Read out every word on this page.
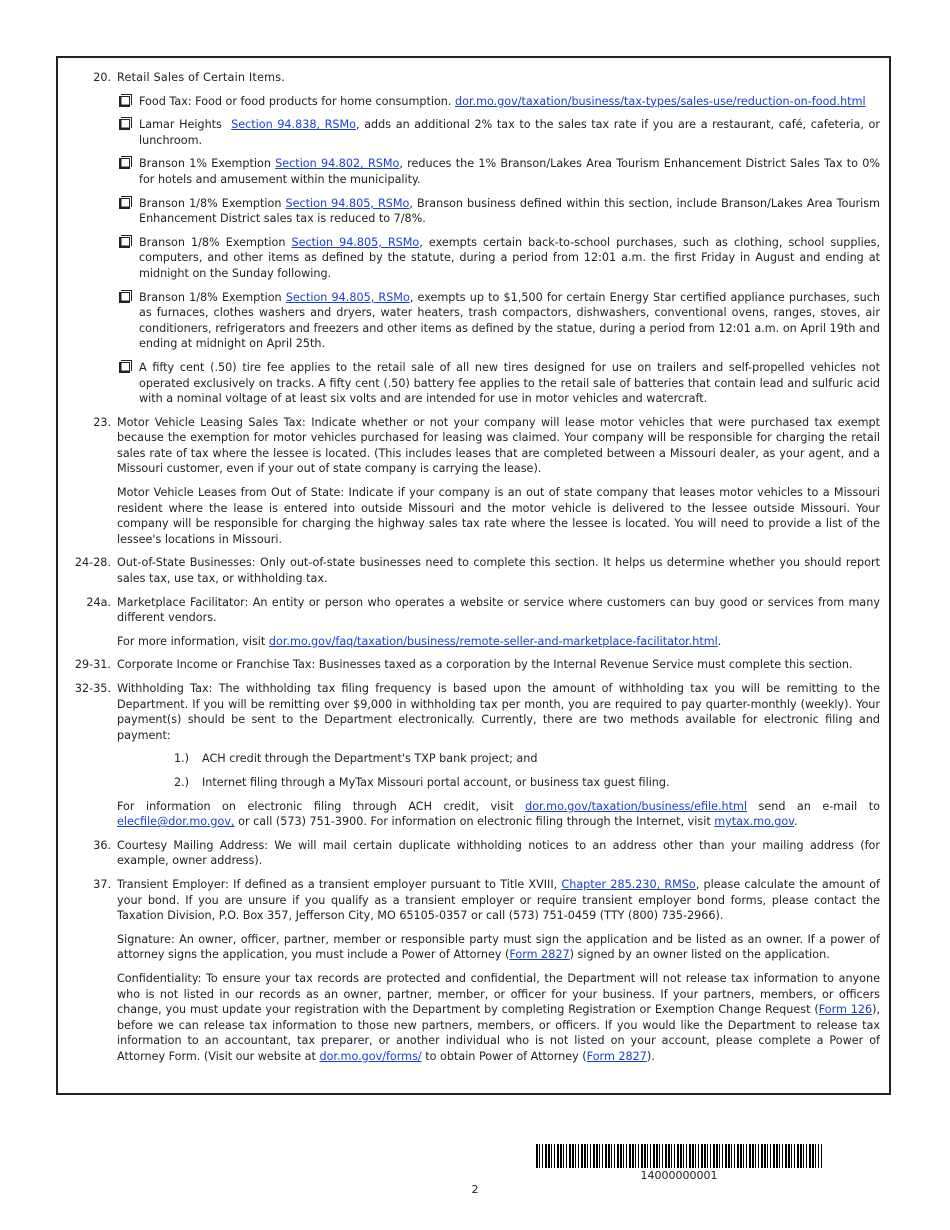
20. Retail Sales of Certain Items.
Food Tax: Food or food products for home consumption. dor.mo.gov/taxation/business/tax-types/sales-use/reduction-on-food.html
Lamar Heights  Section 94.838, RSMo, adds an additional 2% tax to the sales tax rate if you are a restaurant, café, cafeteria, or lunchroom.
Branson 1% Exemption Section 94.802, RSMo, reduces the 1% Branson/Lakes Area Tourism Enhancement District Sales Tax to 0% for hotels and amusement within the municipality.
Branson 1/8% Exemption Section 94.805, RSMo, Branson business defined within this section, include Branson/Lakes Area Tourism Enhancement District sales tax is reduced to 7/8%.
Branson 1/8% Exemption Section 94.805, RSMo, exempts certain back-to-school purchases, such as clothing, school supplies, computers, and other items as defined by the statute, during a period from 12:01 a.m. the first Friday in August and ending at midnight on the Sunday following.
Branson 1/8% Exemption Section 94.805, RSMo, exempts up to $1,500 for certain Energy Star certified appliance purchases, such as furnaces, clothes washers and dryers, water heaters, trash compactors, dishwashers, conventional ovens, ranges, stoves, air conditioners, refrigerators and freezers and other items as defined by the statue, during a period from 12:01 a.m. on April 19th and ending at midnight on April 25th.
A fifty cent (.50) tire fee applies to the retail sale of all new tires designed for use on trailers and self-propelled vehicles not operated exclusively on tracks. A fifty cent (.50) battery fee applies to the retail sale of batteries that contain lead and sulfuric acid with a nominal voltage of at least six volts and are intended for use in motor vehicles and watercraft.
23. Motor Vehicle Leasing Sales Tax: Indicate whether or not your company will lease motor vehicles that were purchased tax exempt because the exemption for motor vehicles purchased for leasing was claimed. Your company will be responsible for charging the retail sales rate of tax where the lessee is located. (This includes leases that are completed between a Missouri dealer, as your agent, and a Missouri customer, even if your out of state company is carrying the lease).
Motor Vehicle Leases from Out of State: Indicate if your company is an out of state company that leases motor vehicles to a Missouri resident where the lease is entered into outside Missouri and the motor vehicle is delivered to the lessee outside Missouri. Your company will be responsible for charging the highway sales tax rate where the lessee is located. You will need to provide a list of the lessee's locations in Missouri.
24-28. Out-of-State Businesses: Only out-of-state businesses need to complete this section. It helps us determine whether you should report sales tax, use tax, or withholding tax.
24a. Marketplace Facilitator: An entity or person who operates a website or service where customers can buy good or services from many different vendors.
For more information, visit dor.mo.gov/faq/taxation/business/remote-seller-and-marketplace-facilitator.html.
29-31. Corporate Income or Franchise Tax: Businesses taxed as a corporation by the Internal Revenue Service must complete this section.
32-35. Withholding Tax: The withholding tax filing frequency is based upon the amount of withholding tax you will be remitting to the Department. If you will be remitting over $9,000 in withholding tax per month, you are required to pay quarter-monthly (weekly). Your payment(s) should be sent to the Department electronically. Currently, there are two methods available for electronic filing and payment:
1.)	ACH credit through the Department's TXP bank project; and
2.)	Internet filing through a MyTax Missouri portal account, or business tax guest filing.
For information on electronic filing through ACH credit, visit dor.mo.gov/taxation/business/efile.html send an e-mail to elecfile@dor.mo.gov, or call (573) 751-3900. For information on electronic filing through the Internet, visit mytax.mo.gov.
36. Courtesy Mailing Address: We will mail certain duplicate withholding notices to an address other than your mailing address (for example, owner address).
37. Transient Employer: If defined as a transient employer pursuant to Title XVIII, Chapter 285.230, RMSo, please calculate the amount of your bond. If you are unsure if you qualify as a transient employer or require transient employer bond forms, please contact the Taxation Division, P.O. Box 357, Jefferson City, MO 65105-0357 or call (573) 751-0459 (TTY (800) 735-2966).
Signature: An owner, officer, partner, member or responsible party must sign the application and be listed as an owner. If a power of attorney signs the application, you must include a Power of Attorney (Form 2827) signed by an owner listed on the application.
Confidentiality: To ensure your tax records are protected and confidential, the Department will not release tax information to anyone who is not listed in our records as an owner, partner, member, or officer for your business. If your partners, members, or officers change, you must update your registration with the Department by completing Registration or Exemption Change Request (Form 126), before we can release tax information to those new partners, members, or officers. If you would like the Department to release tax information to an accountant, tax preparer, or another individual who is not listed on your account, please complete a Power of Attorney Form. (Visit our website at dor.mo.gov/forms/ to obtain Power of Attorney (Form 2827).
14000000001
2
